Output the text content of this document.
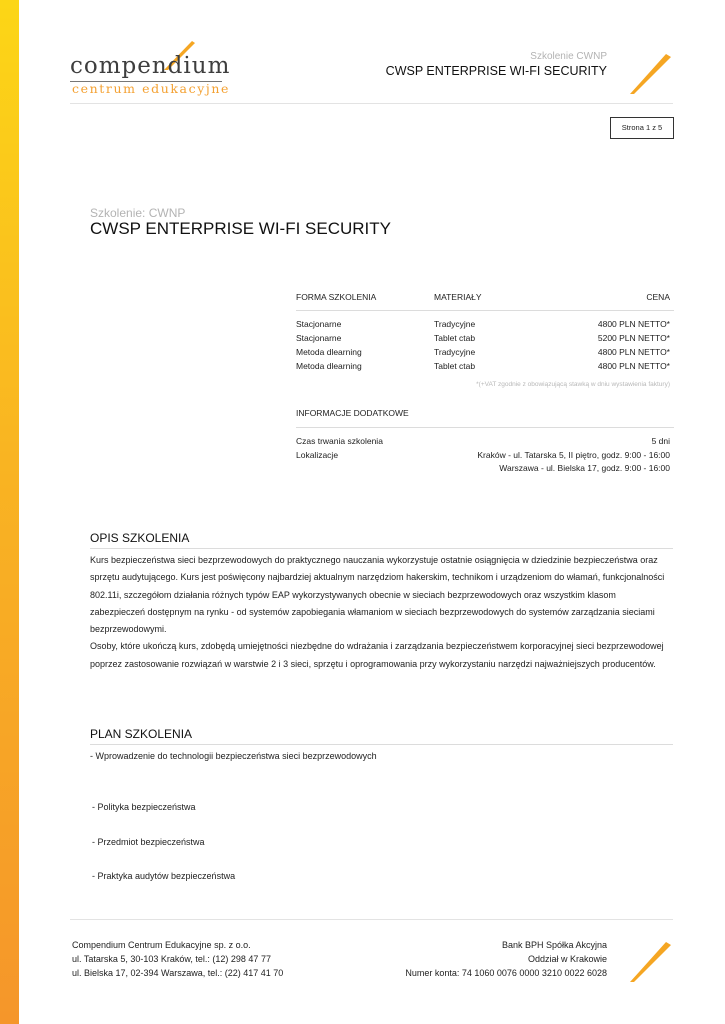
compendium
centrum edukacyjne
Szkolenie CWNP
CWSP ENTERPRISE WI-FI SECURITY
Strona 1 z 5
Szkolenie: CWNP
CWSP ENTERPRISE WI-FI SECURITY
FORMA SZKOLENIA	MATERIAŁY	CENA
Stacjonarne	Tradycyjne	4800 PLN NETTO*
Stacjonarne	Tablet ctab	5200 PLN NETTO*
Metoda dlearning	Tradycyjne	4800 PLN NETTO*
Metoda dlearning	Tablet ctab	4800 PLN NETTO*
*(+VAT zgodnie z obowiązującą stawką w dniu wystawienia faktury)
INFORMACJE DODATKOWE
Czas trwania szkolenia	5 dni
Lokalizacje	Kraków - ul. Tatarska 5, II piętro, godz. 9:00 - 16:00
Warszawa - ul. Bielska 17, godz. 9:00 - 16:00
OPIS SZKOLENIA

Kurs bezpieczeństwa sieci bezprzewodowych do praktycznego nauczania wykorzystuje ostatnie osiągnięcia w dziedzinie bezpieczeństwa oraz sprzętu audytującego. Kurs jest poświęcony najbardziej aktualnym narzędziom hakerskim, technikom i urządzeniom do włamań, funkcjonalności 802.11i, szczegółom działania różnych typów EAP wykorzystywanych obecnie w sieciach bezprzewodowych oraz wszystkim klasom zabezpieczeń dostępnym na rynku - od systemów zapobiegania włamaniom w sieciach bezprzewodowych do systemów zarządzania sieciami bezprzewodowymi.

Osoby, które ukończą kurs, zdobędą umiejętności niezbędne do wdrażania i zarządzania bezpieczeństwem korporacyjnej sieci bezprzewodowej poprzez zastosowanie rozwiązań w warstwie 2 i 3 sieci, sprzętu i oprogramowania przy wykorzystaniu narzędzi najważniejszych producentów.

PLAN SZKOLENIA
- Wprowadzenie do technologii bezpieczeństwa sieci bezprzewodowych
- Polityka bezpieczeństwa
- Przedmiot bezpieczeństwa
- Praktyka audytów bezpieczeństwa
Compendium Centrum Edukacyjne sp. z o.o.
ul. Tatarska 5, 30-103 Kraków, tel.: (12) 298 47 77
ul. Bielska 17, 02-394 Warszawa, tel.: (22) 417 41 70
Bank BPH Spółka Akcyjna
Oddział w Krakowie
Numer konta: 74 1060 0076 0000 3210 0022 6028
